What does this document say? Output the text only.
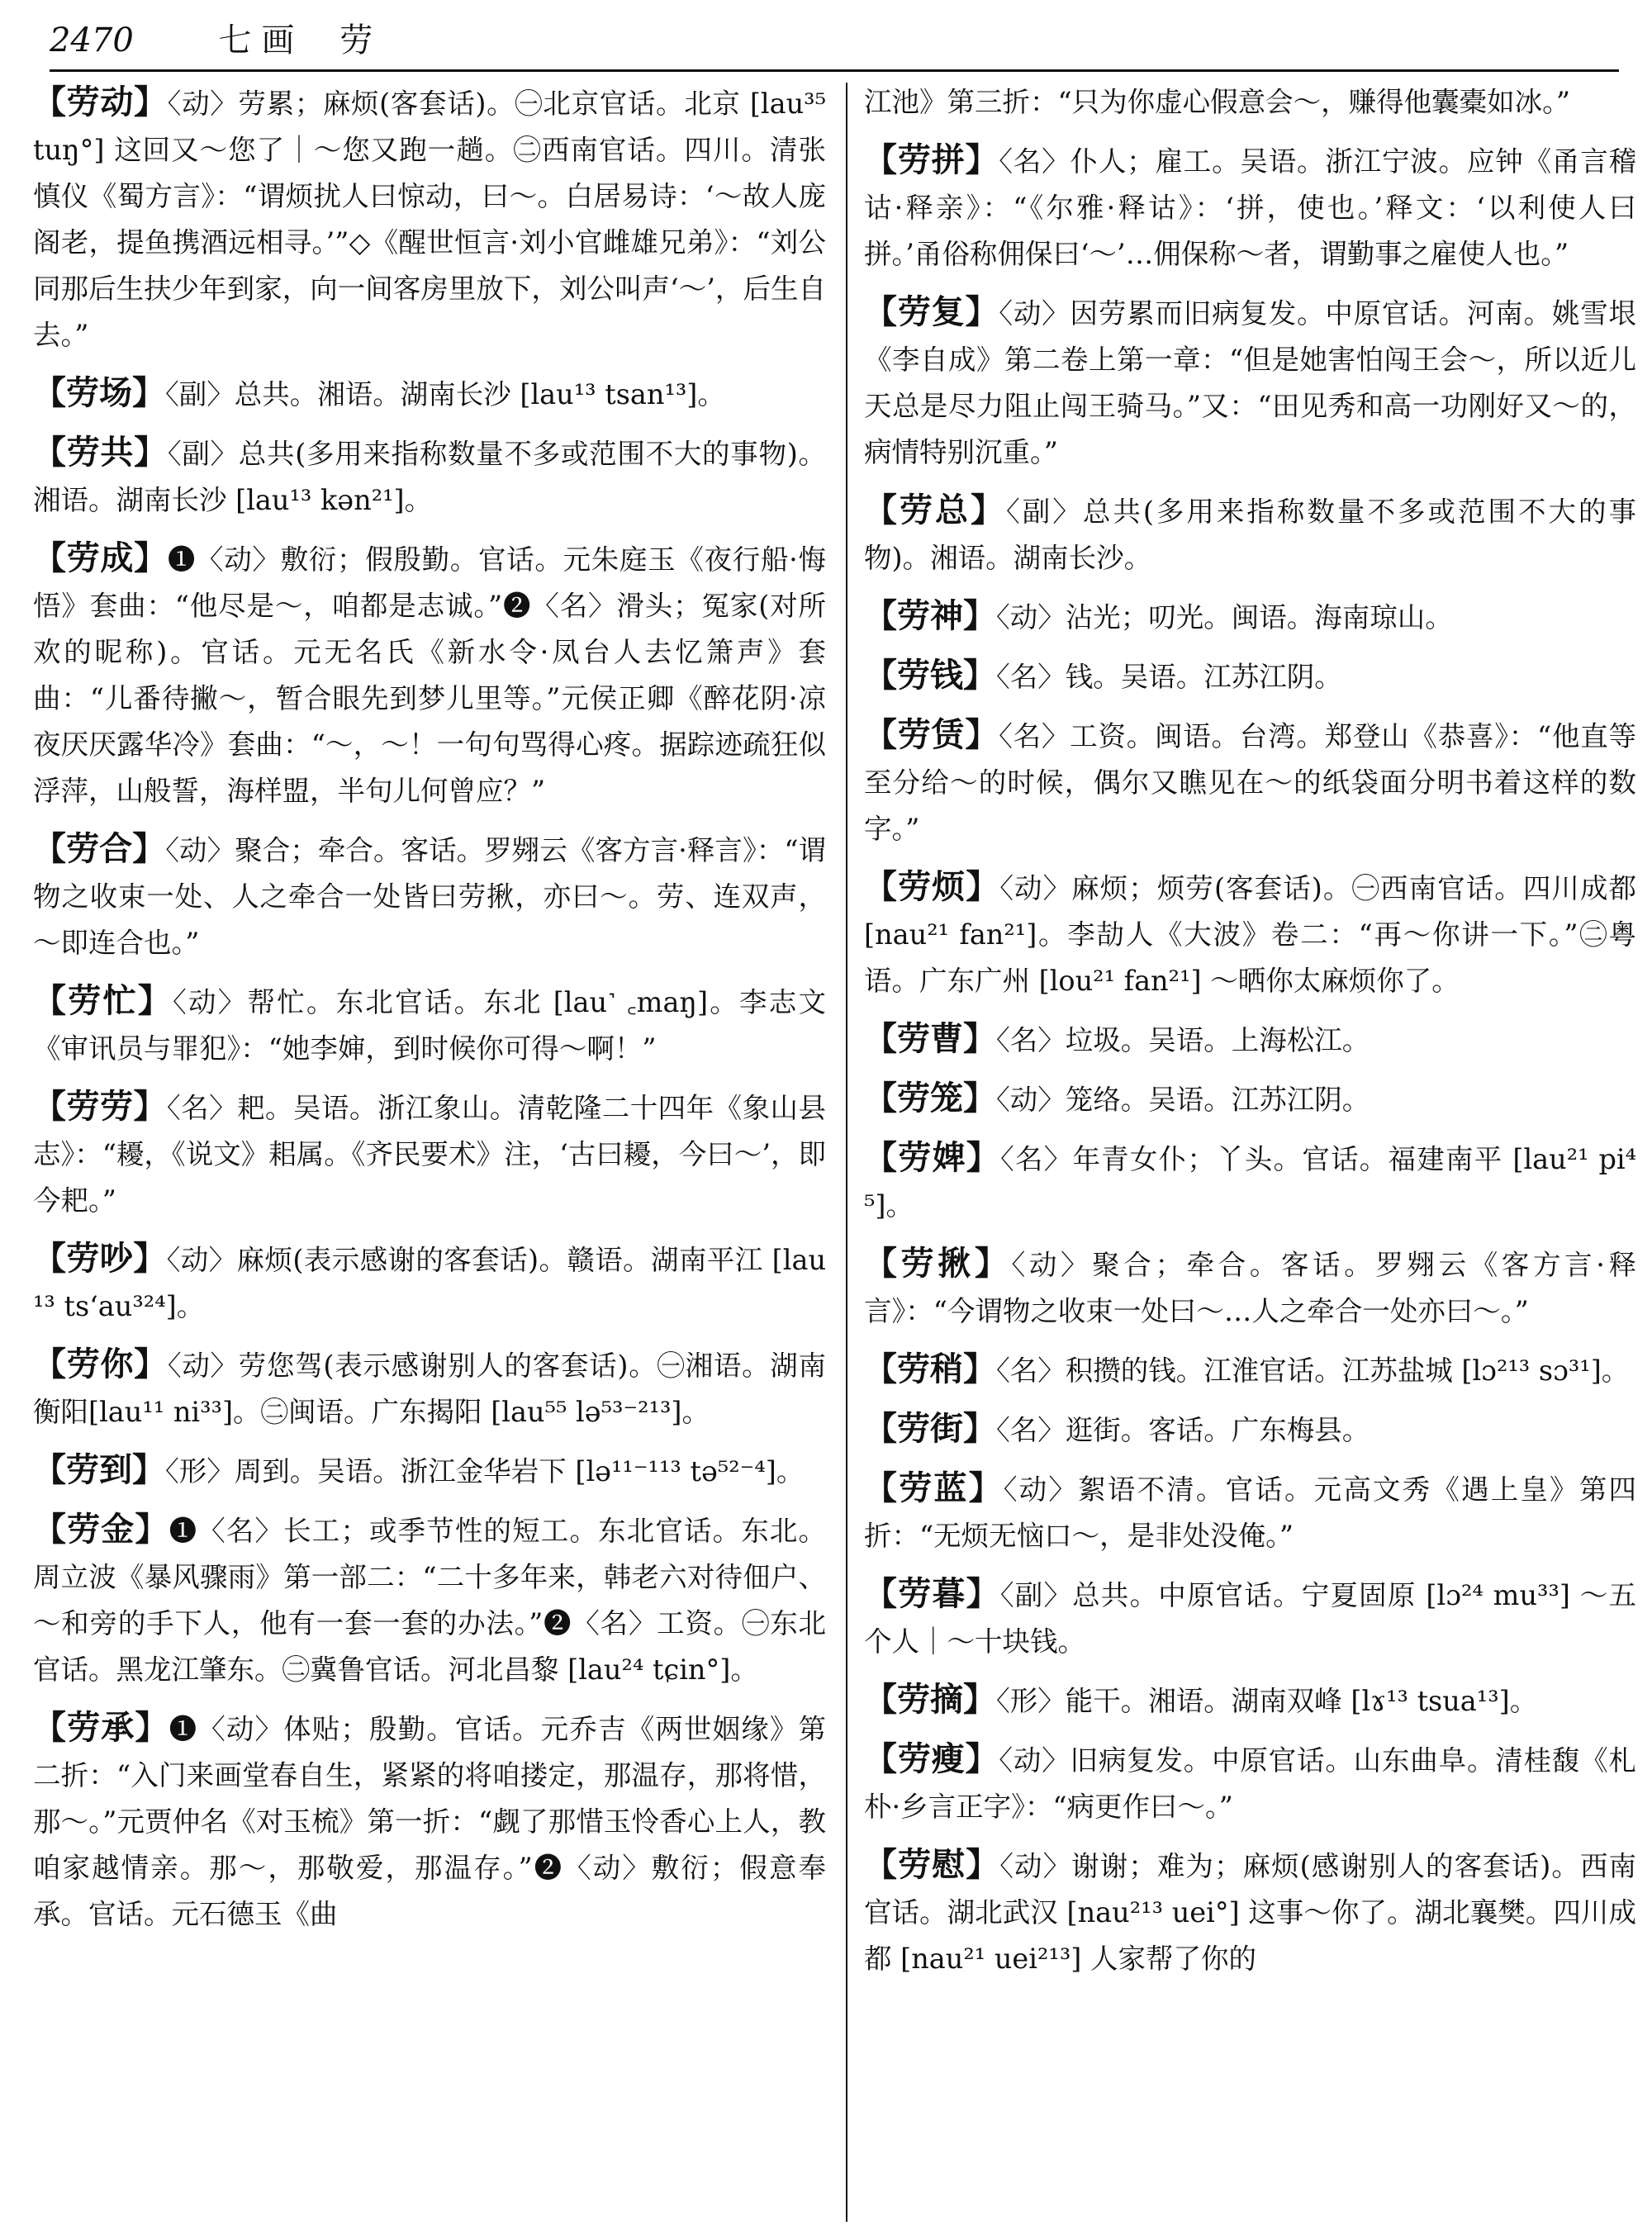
2470	七画 劳

【劳动】〈动〉劳累；麻烦(客套话)。㊀北京官话。北京 [lau³⁵ tuŋ°] 这回又～您了｜～您又跑一趟。㊁西南官话。四川。清张慎仪《蜀方言》：“谓烦扰人曰惊动，曰～。白居易诗：‘～故人庞阁老，提鱼携酒远相寻。’”◇《醒世恒言·刘小官雌雄兄弟》：“刘公同那后生扶少年到家，向一间客房里放下，刘公叫声‘～’，后生自去。”

【劳场】〈副〉总共。湘语。湖南长沙 [lau¹³ tsan¹³]。

【劳共】〈副〉总共(多用来指称数量不多或范围不大的事物)。湘语。湖南长沙 [lau¹³ kən²¹]。

【劳成】❶〈动〉敷衍；假殷勤。官话。元朱庭玉《夜行船·悔悟》套曲：“他尽是～，咱都是志诚。”❷〈名〉滑头；冤家(对所欢的昵称)。官话。元无名氏《新水令·凤台人去忆箫声》套曲：“儿番待撇～，暂合眼先到梦儿里等。”元侯正卿《醉花阴·凉夜厌厌露华冷》套曲：“～，～！一句句骂得心疼。据踪迹疏狂似浮萍，山般誓，海样盟，半句儿何曾应？”

【劳合】〈动〉聚合；牵合。客话。罗翙云《客方言·释言》：“谓物之收束一处、人之牵合一处皆曰劳揪，亦曰～。劳、连双声，～即连合也。”

【劳忙】〈动〉帮忙。东北官话。东北 [lau˺ ꜀maŋ]。李志文《审讯员与罪犯》：“她李婶，到时候你可得～啊！”

【劳劳】〈名〉耙。吴语。浙江象山。清乾隆二十四年《象山县志》：“耰，《说文》耜属。《齐民要术》注，‘古曰耰，今曰～’，即今耙。”

【劳吵】〈动〉麻烦(表示感谢的客套话)。赣语。湖南平江 [lau¹³ ts‘au³²⁴]。

【劳你】〈动〉劳您驾(表示感谢别人的客套话)。㊀湘语。湖南衡阳[lau¹¹ ni³³]。㊁闽语。广东揭阳 [lau⁵⁵ lə⁵³⁻²¹³]。

【劳到】〈形〉周到。吴语。浙江金华岩下 [lə¹¹⁻¹¹³ tə⁵²⁻⁴]。

【劳金】❶〈名〉长工；或季节性的短工。东北官话。东北。周立波《暴风骤雨》第一部二：“二十多年来，韩老六对待佃户、～和旁的手下人，他有一套一套的办法。”❷〈名〉工资。㊀东北官话。黑龙江肇东。㊁冀鲁官话。河北昌黎 [lau²⁴ tɕin°]。

【劳承】❶〈动〉体贴；殷勤。官话。元乔吉《两世姻缘》第二折：“入门来画堂春自生，紧紧的将咱搂定，那温存，那将惜，那～。”元贾仲名《对玉梳》第一折：“觑了那惜玉怜香心上人，教咱家越情亲。那～，那敬爱，那温存。”❷〈动〉敷衍；假意奉承。官话。元石德玉《曲

江池》第三折：“只为你虚心假意会～，赚得他囊橐如冰。”

【劳拼】〈名〉仆人；雇工。吴语。浙江宁波。应钟《甬言稽诂·释亲》：“《尔雅·释诂》：‘拼，使也。’释文：‘以利使人曰拼。’甬俗称佣保曰‘～’…佣保称～者，谓勤事之雇使人也。”

【劳复】〈动〉因劳累而旧病复发。中原官话。河南。姚雪垠《李自成》第二卷上第一章：“但是她害怕闯王会～，所以近儿天总是尽力阻止闯王骑马。”又：“田见秀和高一功刚好又～的，病情特别沉重。”

【劳总】〈副〉总共(多用来指称数量不多或范围不大的事物)。湘语。湖南长沙。

【劳神】〈动〉沾光；叨光。闽语。海南琼山。

【劳钱】〈名〉钱。吴语。江苏江阴。

【劳赁】〈名〉工资。闽语。台湾。郑登山《恭喜》：“他直等至分给～的时候，偶尔又瞧见在～的纸袋面分明书着这样的数字。”

【劳烦】〈动〉麻烦；烦劳(客套话)。㊀西南官话。四川成都 [nau²¹ fan²¹]。李劼人《大波》卷二：“再～你讲一下。”㊁粤语。广东广州 [lou²¹ fan²¹] ～晒你太麻烦你了。

【劳曹】〈名〉垃圾。吴语。上海松江。

【劳笼】〈动〉笼络。吴语。江苏江阴。

【劳婢】〈名〉年青女仆；丫头。官话。福建南平 [lau²¹ pi⁴⁵]。

【劳揪】〈动〉聚合；牵合。客话。罗翙云《客方言·释言》：“今谓物之收束一处曰～…人之牵合一处亦曰～。”

【劳稍】〈名〉积攒的钱。江淮官话。江苏盐城 [lɔ²¹³ sɔ³¹]。

【劳街】〈名〉逛街。客话。广东梅县。

【劳蓝】〈动〉絮语不清。官话。元高文秀《遇上皇》第四折：“无烦无恼口～，是非处没俺。”

【劳暮】〈副〉总共。中原官话。宁夏固原 [lɔ²⁴ mu³³] ～五个人｜～十块钱。

【劳摘】〈形〉能干。湘语。湖南双峰 [lɤ¹³ tsua¹³]。

【劳瘦】〈动〉旧病复发。中原官话。山东曲阜。清桂馥《札朴·乡言正字》：“病更作曰～。”

【劳慰】〈动〉谢谢；难为；麻烦(感谢别人的客套话)。西南官话。湖北武汉 [nau²¹³ uei°] 这事～你了。湖北襄樊。四川成都 [nau²¹ uei²¹³] 人家帮了你的
